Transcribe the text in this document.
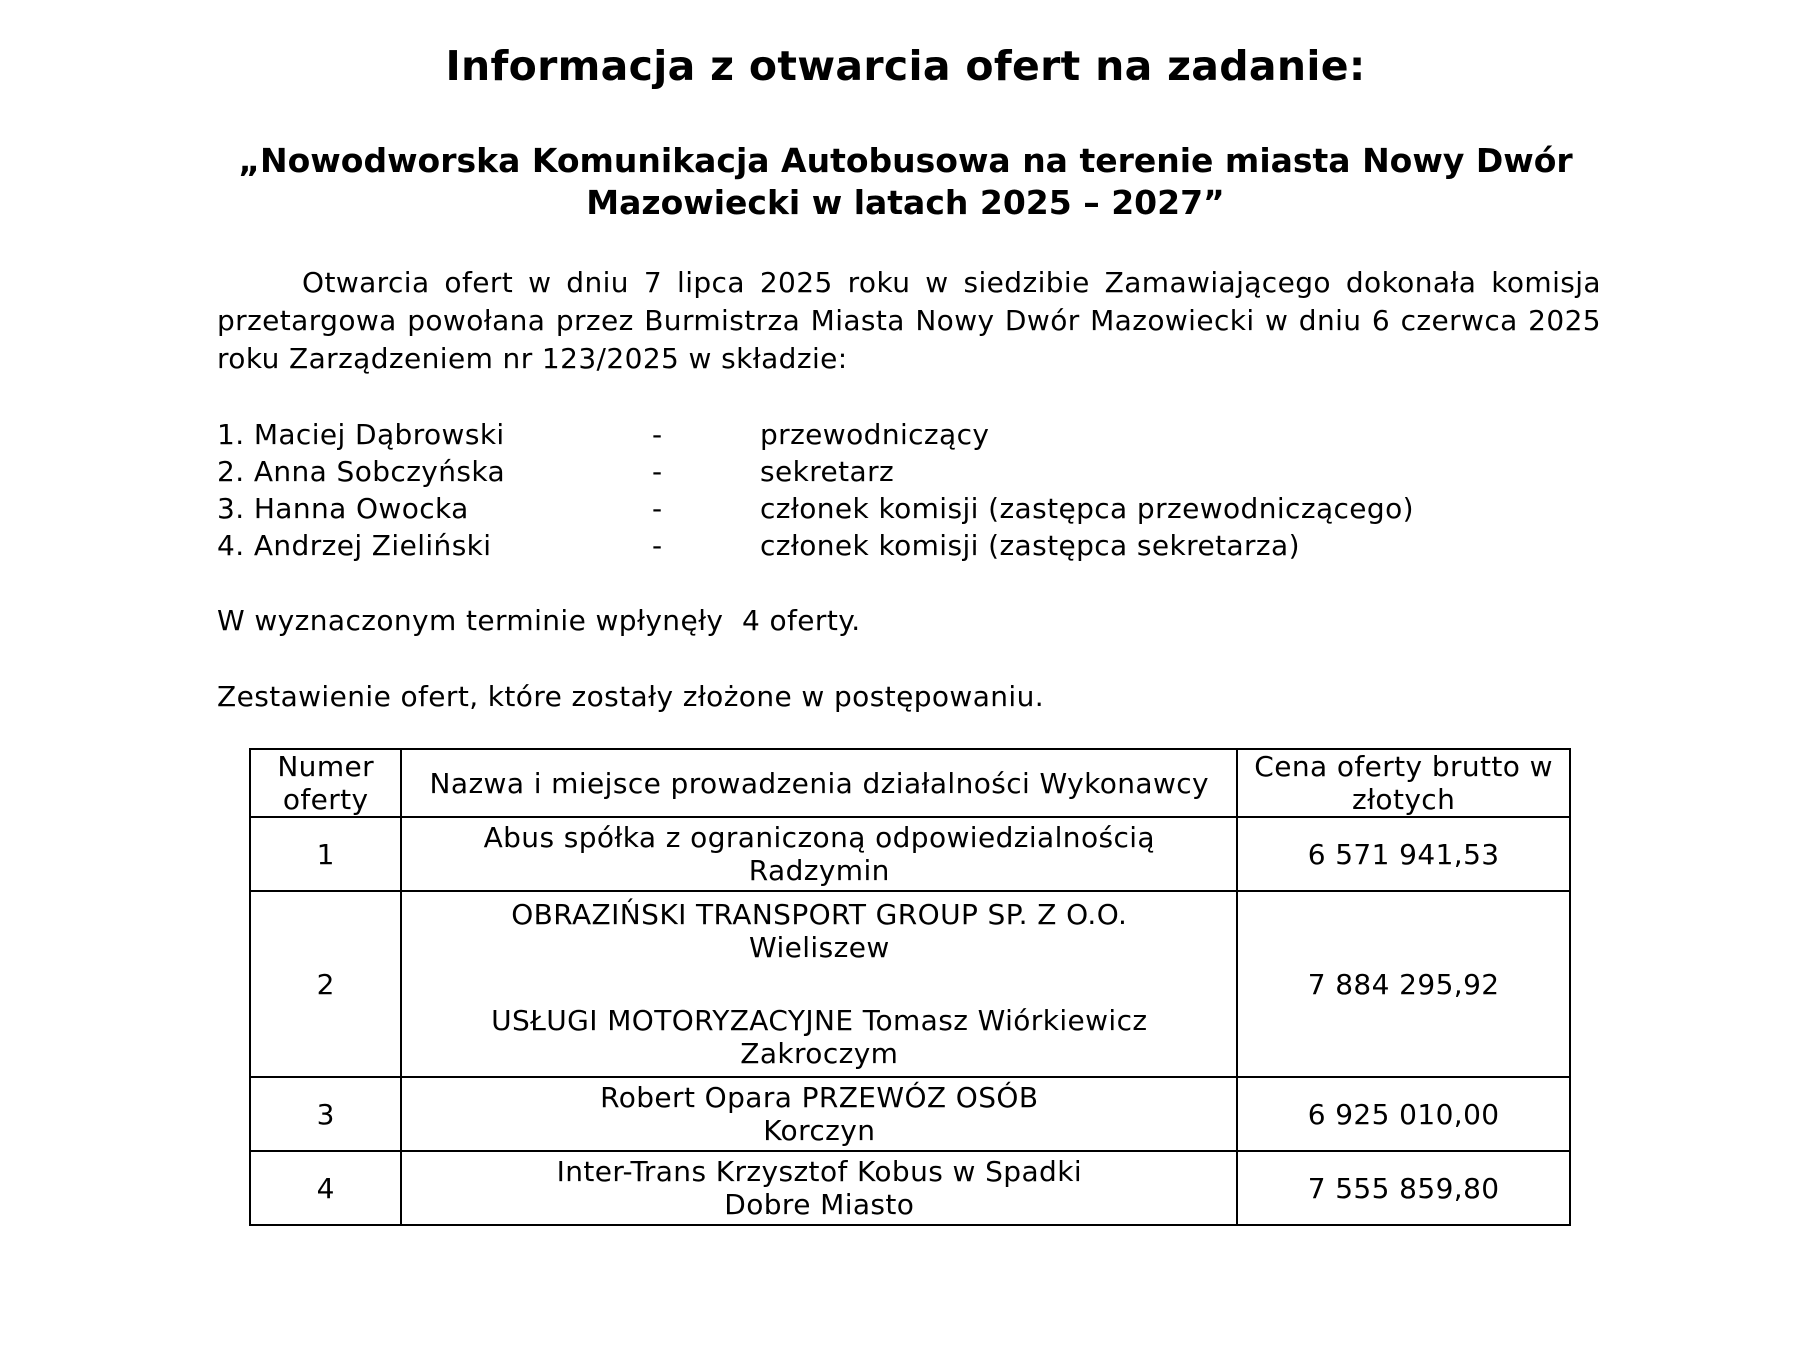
Informacja z otwarcia ofert na zadanie:
„Nowodworska Komunikacja Autobusowa na terenie miasta Nowy Dwór
Mazowiecki w latach 2025 – 2027”
Otwarcia ofert w dniu 7 lipca 2025 roku w siedzibie Zamawiającego dokonała komisja przetargowa powołana przez Burmistrza Miasta Nowy Dwór Mazowiecki w dniu 6 czerwca 2025 roku Zarządzeniem nr 123/2025 w składzie:
1. Maciej Dąbrowski	-	przewodniczący
2. Anna Sobczyńska	-	sekretarz
3. Hanna Owocka	-	członek komisji (zastępca przewodniczącego)
4. Andrzej Zieliński	-	członek komisji (zastępca sekretarza)
W wyznaczonym terminie wpłynęły  4 oferty.
Zestawienie ofert, które zostały złożone w postępowaniu.
Numer
oferty	Nazwa i miejsce prowadzenia działalności Wykonawcy	Cena oferty brutto w
złotych

1	Abus spółka z ograniczoną odpowiedzialnością
Radzymin	6 571 941,53
2	OBRAZIŃSKI TRANSPORT GROUP SP. Z O.O.
Wieliszew
USŁUGI MOTORYZACYJNE Tomasz Wiórkiewicz
Zakroczym	7 884 295,92
3	Robert Opara PRZEWÓZ OSÓB
Korczyn	6 925 010,00
4	Inter-Trans Krzysztof Kobus w Spadki
Dobre Miasto	7 555 859,80
